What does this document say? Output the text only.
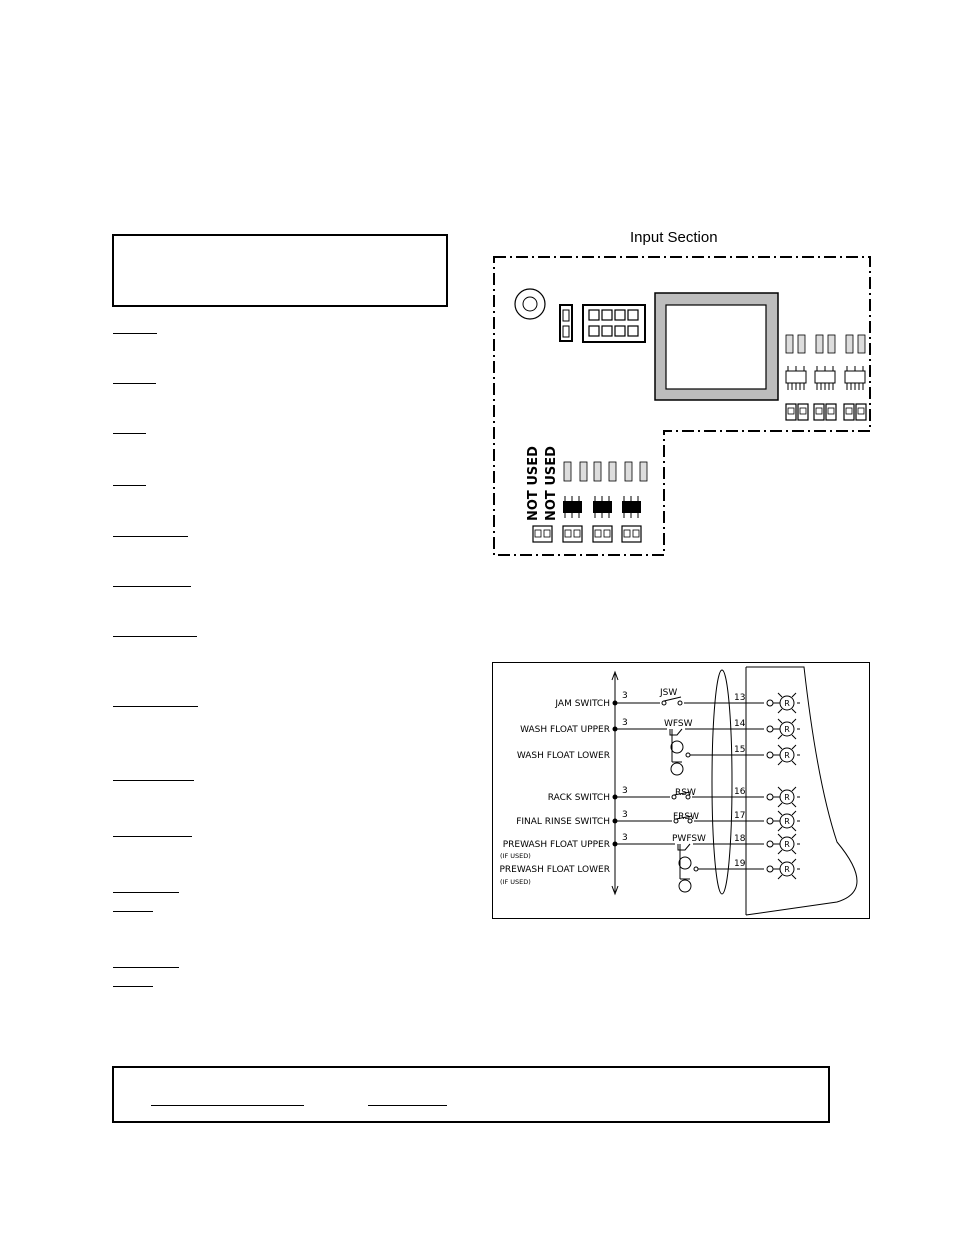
Input Section
NOT USED NOT USED
R
R
R
R
R
R
R
JAM SWITCH
WASH FLOAT UPPER
WASH FLOAT LOWER
RACK SWITCH
FINAL RINSE SWITCH
PREWASH FLOAT UPPER
PREWASH FLOAT LOWER
(IF USED)
(IF USED)
3
3
3
3
3
JSW
WFSW
RSW
FRSW
PWFSW
13
14
15
16
17
18
19
